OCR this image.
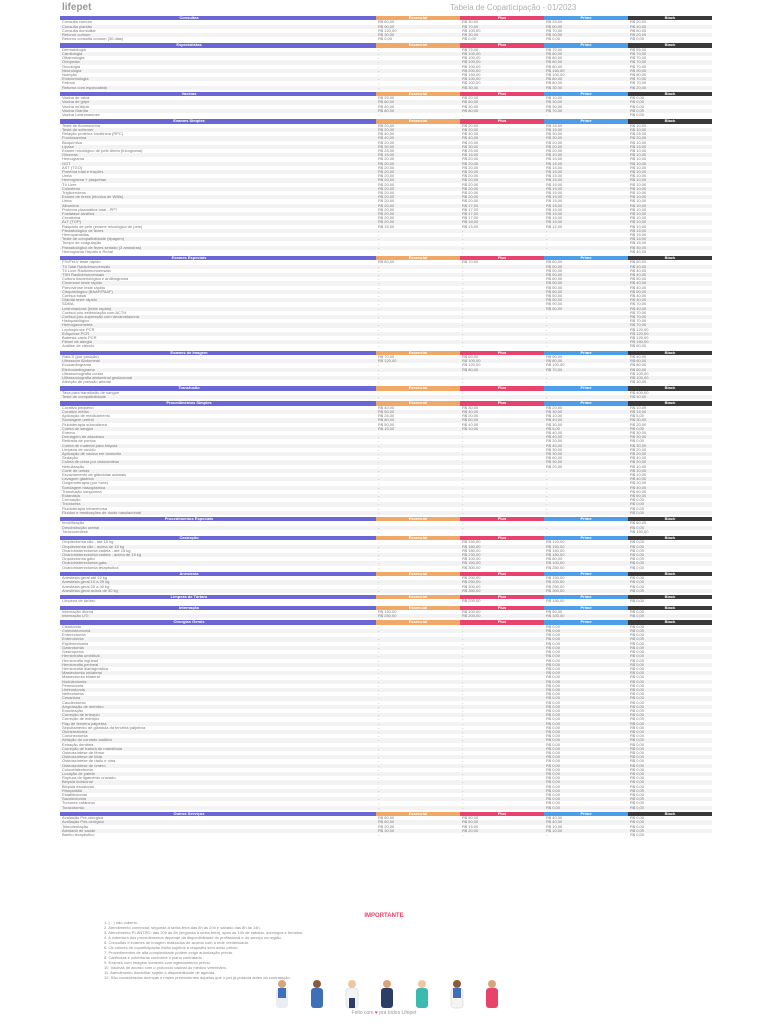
lifepet	Tabela de Coparticipação - 01/2023
Consultas		Essencial	Plus	Prime	Black
Consulta comum		R$ 60,00	R$ 30,00	R$ 25,00	R$ 20,00
Consulta plantão		R$ 90,00	R$ 70,00	R$ 60,00	R$ 40,00
Consulta domiciliar		R$ 120,00	R$ 100,00	R$ 70,00	R$ 60,00
Retorno comum		R$ 30,00	R$ 30,00	R$ 30,00	R$ 20,00
Retorno consulta comum (30 dias)		R$ 0,00	R$ 0,00	R$ 0,00	R$ 0,00
Especialistas		Essencial	Plus	Prime	Black
Dermatologia		-	R$ 75,00	R$ 70,00	R$ 55,00
Cardiologia		-	R$ 100,00	R$ 80,00	R$ 70,00
Oftalmologia		-	R$ 100,00	R$ 80,00	R$ 70,00
Ortopedia		-	R$ 100,00	R$ 80,00	R$ 70,00
Oncologia		-	R$ 100,00	R$ 80,00	R$ 70,00
Neurologia		-	R$ 200,00	R$ 150,00	R$ 90,00
Nutrição		-	R$ 150,00	R$ 100,00	R$ 80,00
Endocrinologia		-	R$ 100,00	R$ 80,00	R$ 70,00
Felinos		-	R$ 100,00	R$ 80,00	R$ 70,00
Retorno com especialista		-	R$ 30,00	R$ 30,00	R$ 20,00
Vacinas		Essencial	Plus	Prime	Black
Vacina de raiva		R$ 25,00	R$ 20,00	R$ 10,00	R$ 0,00
Vacina de gripe		R$ 60,00	R$ 60,00	R$ 30,00	R$ 0,00
Vacina múltipla		R$ 40,00	R$ 30,00	R$ 30,00	R$ 0,00
Vacina Giárdia		R$ 80,00	R$ 80,00	R$ 70,00	R$ 0,00
Vacina Leishmaniose		-	-	-	R$ 0,00
Exames Simples		Essencial	Plus	Prime	Black
Teste de fluoresceína		R$ 20,00	R$ 20,00	R$ 15,00	R$ 10,00
Teste de schirmer		R$ 20,00	R$ 20,00	R$ 15,00	R$ 10,00
Relação proteína creatinina (RPC)		R$ 40,00	R$ 40,00	R$ 30,00	R$ 25,00
Fructosamina		R$ 40,00	R$ 40,00	R$ 30,00	R$ 20,00
Bioquímica		R$ 20,00	R$ 20,00	R$ 20,00	R$ 10,00
Lipase		R$ 30,00	R$ 30,00	R$ 20,00	R$ 15,00
Exame micológico de pele direto (tricograma)		R$ 25,00	R$ 25,00	R$ 20,00	R$ 10,00
Glicemia		R$ 15,00	R$ 15,00	R$ 10,00	R$ 10,00
Hemograma		R$ 20,00	R$ 20,00	R$ 15,00	R$ 10,00
GGT		R$ 20,00	R$ 20,00	R$ 15,00	R$ 10,00
AST (TGO)		R$ 20,00	R$ 20,00	R$ 15,00	R$ 10,00
Proteína total e frações		R$ 20,00	R$ 20,00	R$ 15,00	R$ 10,00
Ureia		R$ 20,00	R$ 20,00	R$ 15,00	R$ 10,00
Hemograma + plaquetas		R$ 20,00	R$ 20,00	R$ 15,00	R$ 10,00
T4 Livre		R$ 20,00	R$ 20,00	R$ 15,00	R$ 10,00
Colesterol		R$ 20,00	R$ 20,00	R$ 15,00	R$ 10,00
Triglicerídeos		R$ 20,00	R$ 20,00	R$ 15,00	R$ 10,00
Exame de fezes (técnica de Willis)		R$ 20,00	R$ 20,00	R$ 15,00	R$ 10,00
Urina		R$ 20,00	R$ 20,00	R$ 15,00	R$ 10,00
Albumina		R$ 20,00	R$ 17,00	R$ 15,00	R$ 10,00
Proteína plasmática total - PPT		R$ 20,00	R$ 17,00	R$ 15,00	R$ 10,00
Fosfatase alcalina		R$ 20,00	R$ 17,00	R$ 15,00	R$ 10,00
Creatinina		R$ 20,00	R$ 17,00	R$ 15,00	R$ 10,00
ALT (TGP)		R$ 20,00	R$ 18,00	R$ 15,00	R$ 10,00
Raspado de pele (exame micológico de pele)		R$ 15,00	R$ 15,00	R$ 12,00	R$ 10,00
Parasitológico de fezes		-	-	-	R$ 15,00
Hemoparasitas		-	-	-	R$ 15,00
Teste de compatibilidade (tipagem)		-	-	-	R$ 15,00
Tempo de coagulação		-	-	-	R$ 15,00
Parasitológico de fezes seriado (3 amostras)		-	-	-	R$ 30,00
Hemograma Hepato e Renal		-	-	-	R$ 40,00
Exames Especiais		Essencial	Plus	Prime	Black
FIV/FeLV teste rápido		R$ 80,00	R$ 70,00	R$ 60,00	R$ 50,00
T4 Total Radioimunoensaio		-	-	R$ 50,00	R$ 40,00
T4 Livre Radioimunoensaio		-	-	R$ 50,00	R$ 40,00
TSH Radioimunoensaio		-	-	R$ 50,00	R$ 40,00
Cultura bacteriológica e antibiograma		-	-	R$ 60,00	R$ 50,00
Cinomose teste rápido		-	-	R$ 50,00	R$ 40,00
Parvovirose teste rápido		-	-	R$ 50,00	R$ 40,00
Citopatológico (BAAF/PAAF)		-	-	R$ 60,00	R$ 50,00
Cortisol basal		-	-	R$ 50,00	R$ 40,00
Giárdia teste rápido		-	-	R$ 50,00	R$ 40,00
SDMA		-	-	R$ 90,00	R$ 70,00
Leishmaniose (teste rápido)		-	-	R$ 50,00	R$ 40,00
Cortisol pós-estimulação com ACTH		-	-	-	R$ 70,00
Cortisol pós-supressão com dexametasona		-	-	-	R$ 70,00
Histopatológico		-	-	-	R$ 70,00
Hemogasometria		-	-	-	R$ 70,00
Leptospirose PCR		-	-	-	R$ 120,00
Erliquiose PCR		-	-	-	R$ 120,00
Babesia canis PCR		-	-	-	R$ 120,00
Painel de alergia		-	-	-	R$ 150,00
Análise de cálculo		-	-	-	R$ 60,00
Exames de Imagem		Essencial	Plus	Prime	Black
Raio-X (por posição)		R$ 70,00	R$ 60,00	R$ 50,00	R$ 40,00
Ultrassom Abdominal		R$ 120,00	R$ 100,00	R$ 80,00	R$ 60,00
Ecocardiograma		-	R$ 120,00	R$ 100,00	R$ 80,00
Eletrocardiograma		-	R$ 80,00	R$ 70,00	R$ 60,00
Ultrassonografia ocular		-	-	-	R$ 100,00
Ultrassonografia abdominal gestacional		-	-	-	R$ 100,00
Aferição de pressão arterial		-	-	-	R$ 30,00
Transfusão		Essencial	Plus	Prime	Black
Taxa para transfusão de sangue		-	-	-	R$ 400,00
Teste de compatibilidade		-	-	-	R$ 40,00
Procedimentos Simples		Essencial	Plus	Prime	Black
Curativo pequeno		R$ 40,00	R$ 30,00	R$ 20,00	R$ 10,00
Curativo médio		R$ 50,00	R$ 40,00	R$ 30,00	R$ 15,00
Aplicação de medicamento		R$ 25,00	R$ 20,00	R$ 10,00	R$ 5,00
Sondagem uretral		R$ 80,00	R$ 60,00	R$ 40,00	R$ 30,00
Fluidoterapia subcutânea		R$ 50,00	R$ 40,00	R$ 30,00	R$ 20,00
Coleta de sangue		R$ 15,00	R$ 10,00	R$ 5,00	R$ 0,00
Enema		-	-	R$ 40,00	R$ 30,00
Drenagem de abscesso		-	-	R$ 40,00	R$ 30,00
Retirada de pontos		-	-	R$ 20,00	R$ 0,00
Coleta de material para biópsia		-	-	R$ 40,00	R$ 30,00
Limpeza de ouvido		-	-	R$ 30,00	R$ 20,00
Aplicação de vacina em domicílio		-	-	R$ 30,00	R$ 20,00
Sedação		-	-	R$ 60,00	R$ 40,00
Coleta de urina por cistocentese		-	-	R$ 30,00	R$ 20,00
Nebulização		-	-	R$ 20,00	R$ 10,00
Corte de unhas		-	-	-	R$ 10,00
Esvaziamento de glândulas adanais		-	-	-	R$ 10,00
Lavagem gástrica		-	-	-	R$ 40,00
Oxigenoterapia (por hora)		-	-	-	R$ 20,00
Sondagem nasogástrica		-	-	-	R$ 40,00
Transfusão sanguínea		-	-	-	R$ 60,00
Eutanásia		-	-	-	R$ 60,00
Cremação		-	-	-	R$ 0,00
Tricotomia		-	-	-	R$ 0,00
Fluidoterapia intravenosa		-	-	-	R$ 0,00
Fluídos e medicações de ducto nasolacrimal		-	-	-	R$ 0,00
Procedimentos Especiais		Essencial	Plus	Prime	Black
Imobilização		-	-	-	R$ 60,00
Desobstrução uretral		-	-	-	R$ 0,00
Toracocentese		-	-	-	R$ 150,00
Castração		Essencial	Plus	Prime	Black
Orquiectomia cão - até 15 kg		-	R$ 150,00	R$ 120,00	R$ 0,00
Orquiectomia cão - acima de 15 kg		-	R$ 180,00	R$ 150,00	R$ 0,00
Ovariohisterectomia cadela - até 15 kg		-	R$ 180,00	R$ 150,00	R$ 0,00
Ovariohisterectomia cadela - acima de 15 kg		-	R$ 230,00	R$ 180,00	R$ 0,00
Orquiectomia gato		-	R$ 100,00	R$ 80,00	R$ 0,00
Ovariohisterectomia gata		-	R$ 150,00	R$ 100,00	R$ 0,00
Ovariohisterectomia terapêutica		-	R$ 300,00	R$ 250,00	R$ 0,00
Anestesia		Essencial	Plus	Prime	Black
Anestesia geral até 10 kg		-	R$ 200,00	R$ 150,00	R$ 0,00
Anestesia geral 10 a 25 kg		-	R$ 250,00	R$ 200,00	R$ 0,00
Anestesia geral 25 a 40 kg		-	R$ 300,00	R$ 250,00	R$ 0,00
Anestesia geral acima de 40 kg		-	R$ 350,00	R$ 300,00	R$ 0,00
Limpeza de Tártaro		Essencial	Plus	Prime	Black
Limpeza de tártaro		-	R$ 200,00	R$ 150,00	R$ 0,00
Internação		Essencial	Plus	Prime	Black
Internação diurna		R$ 150,00	R$ 100,00	R$ 50,00	R$ 0,00
Internação UTI		R$ 250,00	R$ 200,00	R$ 100,00	R$ 0,00
Cirurgias Gerais		Essencial	Plus	Prime	Black
Cistotomia		-	-	R$ 0,00	R$ 0,00
Colecistectomia		-	-	R$ 0,00	R$ 0,00
Enterectomia		-	-	R$ 0,00	R$ 0,00
Enterotomia		-	-	R$ 0,00	R$ 0,00
Esplenectomia		-	-	R$ 0,00	R$ 0,00
Gastrotomia		-	-	R$ 0,00	R$ 0,00
Gastropexia		-	-	R$ 0,00	R$ 0,00
Herniorrafia umbilical		-	-	R$ 0,00	R$ 0,00
Herniorrafia inguinal		-	-	R$ 0,00	R$ 0,00
Herniorrafia perineal		-	-	R$ 0,00	R$ 0,00
Herniorrafia diafragmática		-	-	R$ 0,00	R$ 0,00
Mastectomia unilateral		-	-	R$ 0,00	R$ 0,00
Mastectomia bilateral		-	-	R$ 0,00	R$ 0,00
Nodulectomia		-	-	R$ 0,00	R$ 0,00
Penectomia		-	-	R$ 0,00	R$ 0,00
Uretrostomia		-	-	R$ 0,00	R$ 0,00
Nefrectomia		-	-	R$ 0,00	R$ 0,00
Cesariana		-	-	R$ 0,00	R$ 0,00
Caudectomia		-	-	R$ 0,00	R$ 0,00
Amputação de membro		-	-	R$ 0,00	R$ 0,00
Enucleação		-	-	R$ 0,00	R$ 0,00
Correção de entrópio		-	-	R$ 0,00	R$ 0,00
Correção de ectrópio		-	-	R$ 0,00	R$ 0,00
Flap de terceira pálpebra		-	-	R$ 0,00	R$ 0,00
Sepultamento de glândula da terceira pálpebra		-	-	R$ 0,00	R$ 0,00
Otohematoma		-	-	R$ 0,00	R$ 0,00
Conchectomia		-	-	R$ 0,00	R$ 0,00
Ablação do conduto auditivo		-	-	R$ 0,00	R$ 0,00
Extração dentária		-	-	R$ 0,00	R$ 0,00
Correção de fratura de mandíbula		-	-	R$ 0,00	R$ 0,00
Osteossíntese de fêmur		-	-	R$ 0,00	R$ 0,00
Osteossíntese de tíbia		-	-	R$ 0,00	R$ 0,00
Osteossíntese de rádio e ulna		-	-	R$ 0,00	R$ 0,00
Osteossíntese de úmero		-	-	R$ 0,00	R$ 0,00
Colocefalectomia		-	-	R$ 0,00	R$ 0,00
Luxação de patela		-	-	R$ 0,00	R$ 0,00
Ruptura de ligamento cruzado		-	-	R$ 0,00	R$ 0,00
Biópsia incisional		-	-	R$ 0,00	R$ 0,00
Biópsia excisional		-	-	R$ 0,00	R$ 0,00
Rinoplastia		-	-	R$ 0,00	R$ 0,00
Estafilectomia		-	-	R$ 0,00	R$ 0,00
Saculectomia		-	-	R$ 0,00	R$ 0,00
Tumores cutâneos		-	-	R$ 0,00	R$ 0,00
Toracotomia		-	-	R$ 0,00	R$ 0,00
Outros Serviços		Essencial	Plus	Prime	Black
Avaliação Pré-cirúrgica		R$ 60,00	R$ 50,00	R$ 40,00	R$ 0,00
Avaliação Pós-cirúrgica		R$ 60,00	R$ 50,00	R$ 40,00	R$ 0,00
Teleorientação		R$ 20,00	R$ 15,00	R$ 10,00	R$ 0,00
Atestado de saúde		R$ 30,00	R$ 20,00	R$ 10,00	R$ 0,00
Banho terapêutico		-	-	-	R$ 0,00
IMPORTANTE
1. ( - ) não coberto.
2. Atendimento comercial: segunda à sexta-feira das 8h às 20h e sábado das 8h às 14h.
3. Atendimento PLANTÃO: das 20h às 8h (segunda à sexta-feira), após as 14h de sábado, domingos e feriados.
4. A cobertura dos procedimentos depende da disponibilidade do profissional e do serviço na região.
5. Consultas e exames de imagem realizados de acordo com a rede credenciada.
6. Os valores de coparticipação estão sujeitos a reajustes sem aviso prévio.
7. Procedimentos de alta complexidade podem exigir autorização prévia.
8. Carências e coberturas conforme o plano contratado.
9. Exames com Imagem somente com agendamento prévio.
10. Vacinas de acordo com o protocolo vacinal do médico veterinário.
11. Atendimento domiciliar sujeito a disponibilidade de agenda.
12. São consideradas doenças e males preexistentes aquelas que o pet já possuía antes da contratação.
Feito com ♥ pra todos Lifepet
